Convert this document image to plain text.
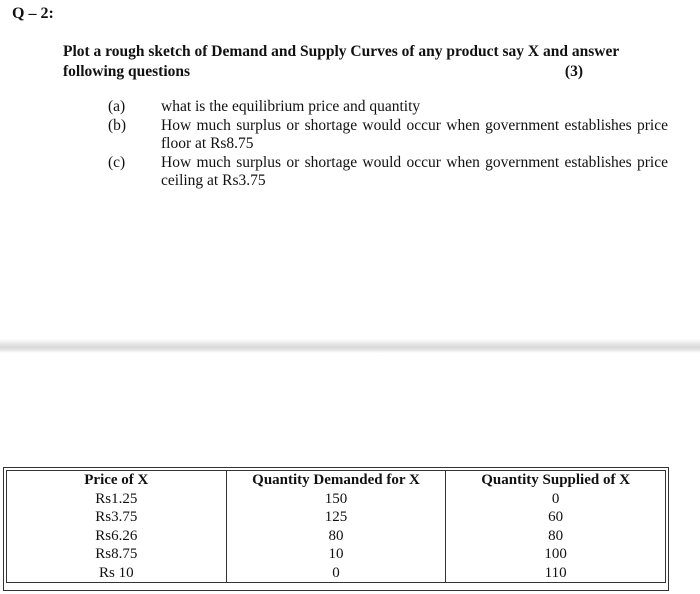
Q – 2:
Plot a rough sketch of Demand and Supply Curves of any product say X and answer
following questions	(3)
(a)	what is the equilibrium price and quantity
(b)	How much surplus or shortage would occur when government establishes price floor at Rs8.75
(c)	How much surplus or shortage would occur when government establishes price ceiling at Rs3.75
Price of X	Quantity Demanded for X	Quantity Supplied of X
Rs1.25	150	0
Rs3.75	125	60
Rs6.26	80	80
Rs8.75	10	100
Rs 10	0	110
